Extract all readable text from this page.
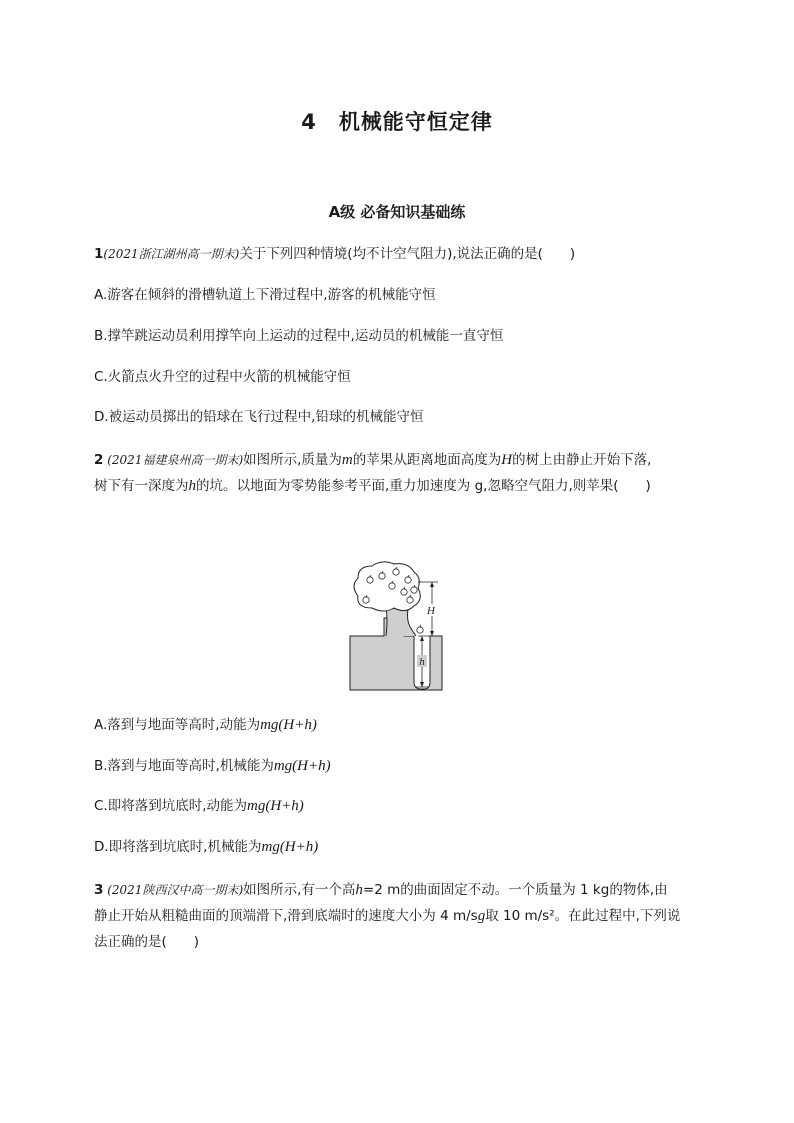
4 机械能守恒定律
A级 必备知识基础练
1(2021浙江湖州高一期末)关于下列四种情境(均不计空气阻力),说法正确的是(　　)
A.游客在倾斜的滑槽轨道上下滑过程中,游客的机械能守恒
B.撑竿跳运动员利用撑竿向上运动的过程中,运动员的机械能一直守恒
C.火箭点火升空的过程中火箭的机械能守恒
D.被运动员掷出的铅球在飞行过程中,铅球的机械能守恒
2 (2021福建泉州高一期末)如图所示,质量为m的苹果从距离地面高度为H的树上由静止开始下落,
树下有一深度为h的坑。以地面为零势能参考平面,重力加速度为 g,忽略空气阻力,则苹果(　　)
H
h
A.落到与地面等高时,动能为mg(H+h)
B.落到与地面等高时,机械能为mg(H+h)
C.即将落到坑底时,动能为mg(H+h)
D.即将落到坑底时,机械能为mg(H+h)
3 (2021陕西汉中高一期末)如图所示,有一个高h=2 m的曲面固定不动。一个质量为 1 kg的物体,由
静止开始从粗糙曲面的顶端滑下,滑到底端时的速度大小为 4 m/sg取 10 m/s²。在此过程中,下列说
法正确的是(　　)
